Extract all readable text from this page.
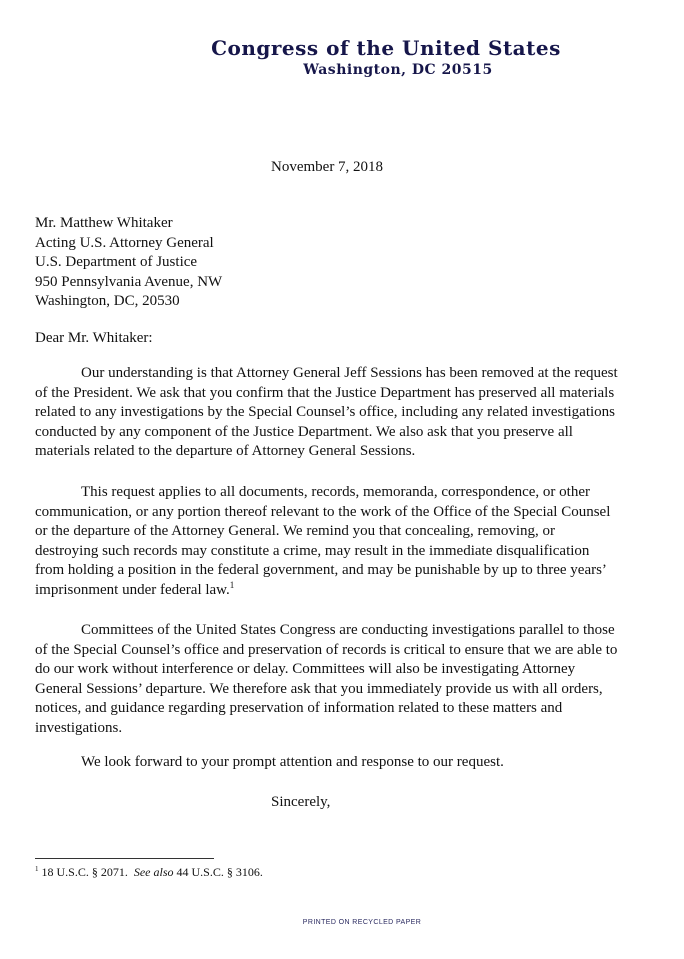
Congress of the United States
Washington, DC 20515
November 7, 2018
Mr. Matthew Whitaker
Acting U.S. Attorney General
U.S. Department of Justice
950 Pennsylvania Avenue, NW
Washington, DC, 20530
Dear Mr. Whitaker:
Our understanding is that Attorney General Jeff Sessions has been removed at the request
of the President. We ask that you confirm that the Justice Department has preserved all materials
related to any investigations by the Special Counsel’s office, including any related investigations
conducted by any component of the Justice Department. We also ask that you preserve all
materials related to the departure of Attorney General Sessions.
This request applies to all documents, records, memoranda, correspondence, or other
communication, or any portion thereof relevant to the work of the Office of the Special Counsel
or the departure of the Attorney General. We remind you that concealing, removing, or
destroying such records may constitute a crime, may result in the immediate disqualification
from holding a position in the federal government, and may be punishable by up to three years’
imprisonment under federal law.$^1$
Committees of the United States Congress are conducting investigations parallel to those
of the Special Counsel’s office and preservation of records is critical to ensure that we are able to
do our work without interference or delay. Committees will also be investigating Attorney
General Sessions’ departure. We therefore ask that you immediately provide us with all orders,
notices, and guidance regarding preservation of information related to these matters and
investigations.
We look forward to your prompt attention and response to our request.
Sincerely,
$^1$ 18 U.S.C. § 2071. See also 44 U.S.C. § 3106.
PRINTED ON RECYCLED PAPER
